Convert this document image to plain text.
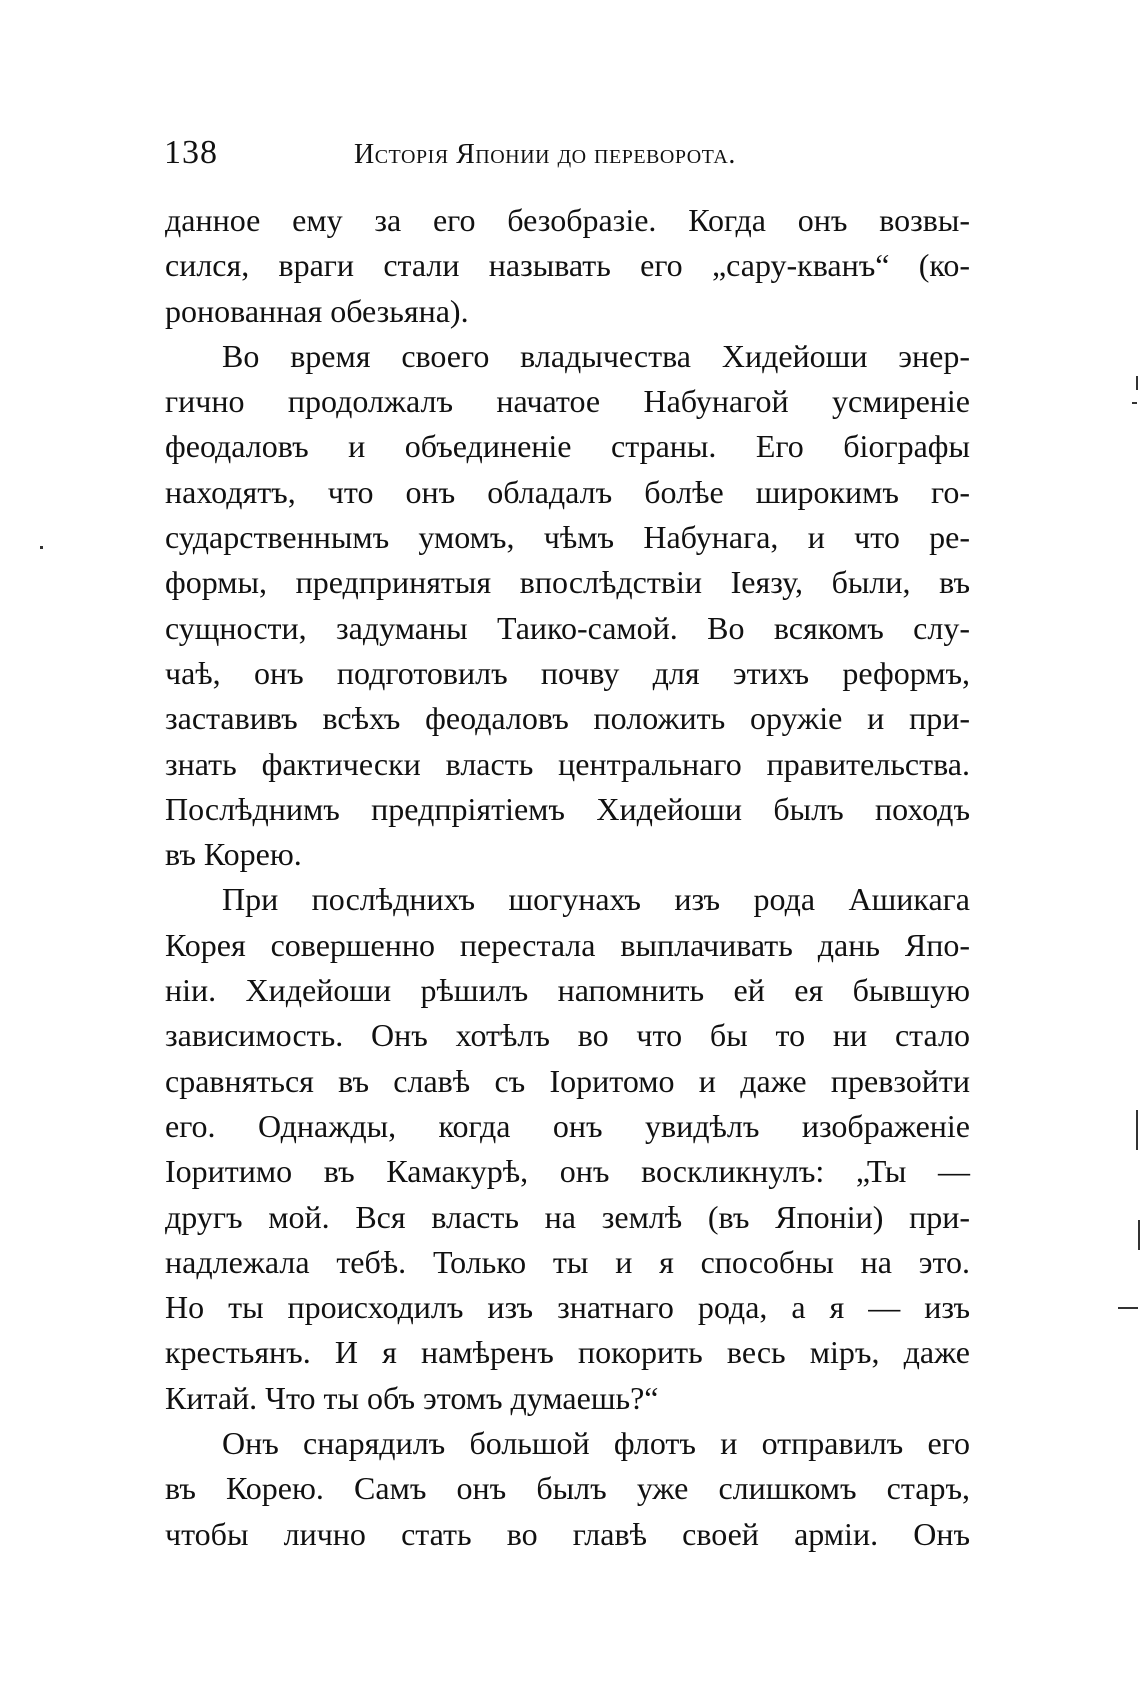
138	Исторія Японии до переворота.
данное ему за его безобразіе. Когда онъ возвы-
сился, враги стали называть его „сару-кванъ“ (ко-
ронованная обезьяна).
Во время своего владычества Хидейоши энер-
гично продолжалъ начатое Набунагой усмиреніе
феодаловъ и объединеніе страны. Его біографы
находятъ, что онъ обладалъ болѣе широкимъ го-
сударственнымъ умомъ, чѣмъ Набунага, и что ре-
формы, предпринятыя впослѣдствіи Іеязу, были, въ
сущности, задуманы Таико-самой. Во всякомъ слу-
чаѣ, онъ подготовилъ почву для этихъ реформъ,
заставивъ всѣхъ феодаловъ положить оружіе и при-
знать фактически власть центральнаго правительства.
Послѣднимъ предпріятіемъ Хидейоши былъ походъ
въ Корею.
При послѣднихъ шогунахъ изъ рода Ашикага
Корея совершенно перестала выплачивать дань Япо-
ніи. Хидейоши рѣшилъ напомнить ей ея бывшую
зависимость. Онъ хотѣлъ во что бы то ни стало
сравняться въ славѣ съ Іоритомо и даже превзойти
его. Однажды, когда онъ увидѣлъ изображеніе
Іоритимо въ Камакурѣ, онъ воскликнулъ: „Ты —
другъ мой. Вся власть на землѣ (въ Японіи) при-
надлежала тебѣ. Только ты и я способны на это.
Но ты происходилъ изъ знатнаго рода, а я — изъ
крестьянъ. И я намѣренъ покорить весь міръ, даже
Китай. Что ты объ этомъ думаешь?“
Онъ снарядилъ большой флотъ и отправилъ его
въ Корею. Самъ онъ былъ уже слишкомъ старъ,
чтобы лично стать во главѣ своей арміи. Онъ
